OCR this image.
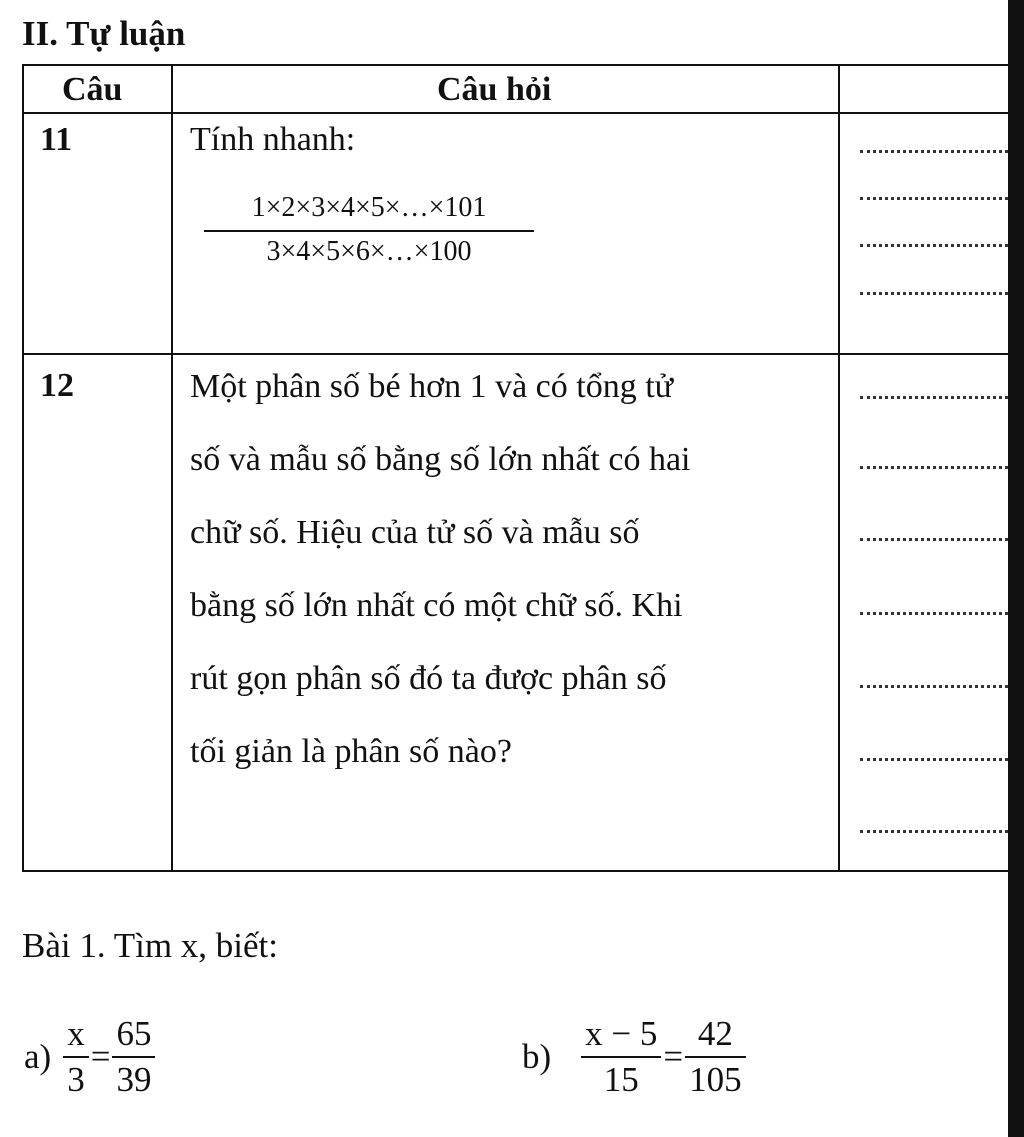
II. Tự luận
Câu	Câu hỏi
11	Tính nhanh:
1×2×3×4×5×…×101
3×4×5×6×…×100
12	Một phân số bé hơn 1 và có tổng tử
số và mẫu số bằng số lớn nhất có hai
chữ số. Hiệu của tử số và mẫu số
bằng số lớn nhất có một chữ số. Khi
rút gọn phân số đó ta được phân số
tối giản là phân số nào?
Bài 1. Tìm x, biết:
$a) \frac{x}{3} = \frac{65}{39}$	$b) \frac{x - 5}{15} = \frac{42}{105}$
